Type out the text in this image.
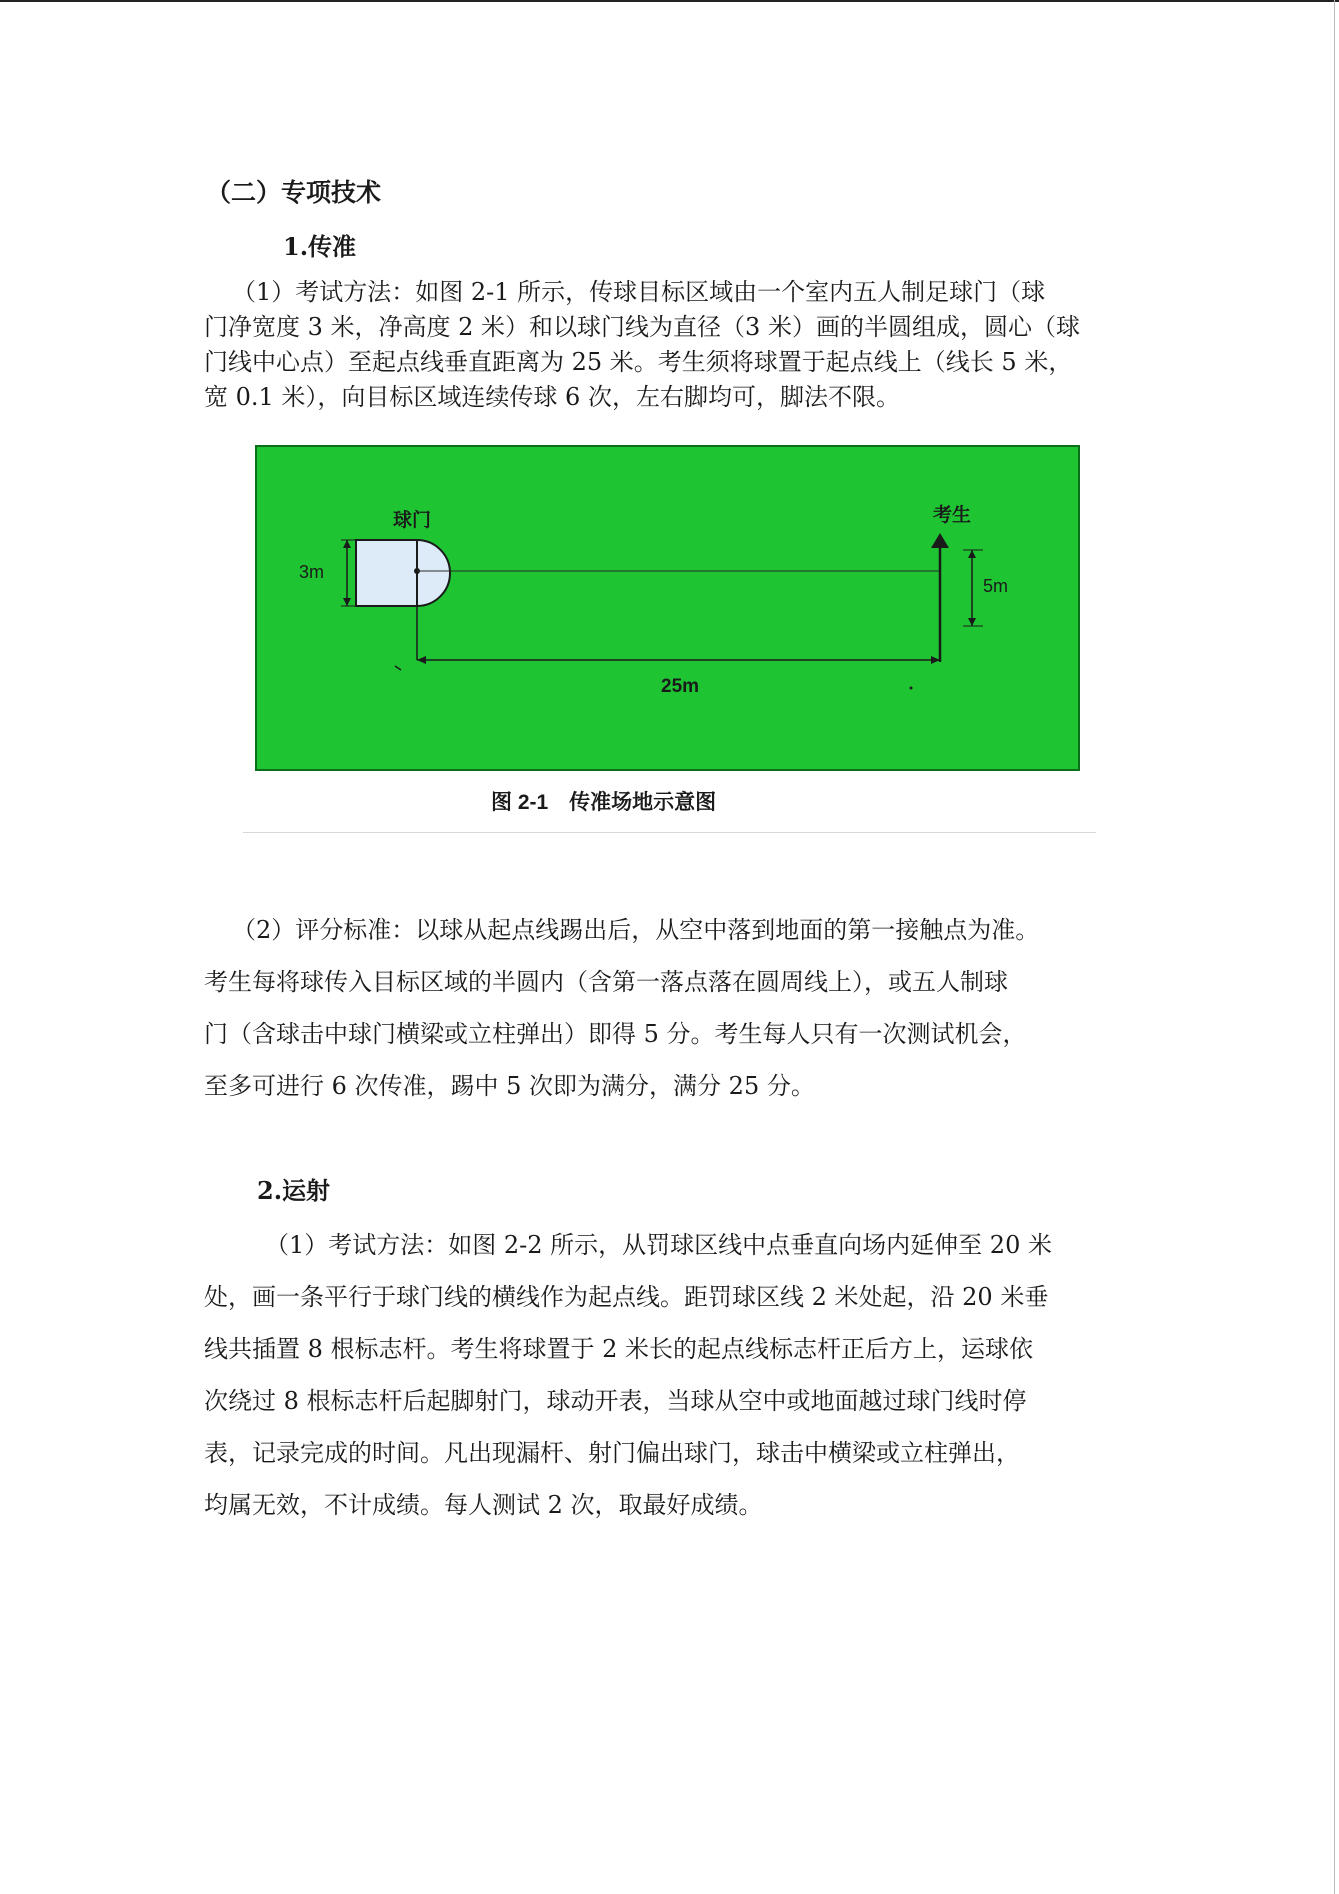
（二）专项技术
1.传准
（1）考试方法：如图 2-1 所示，传球目标区域由一个室内五人制足球门（球
门净宽度 3 米，净高度 2 米）和以球门线为直径（3 米）画的半圆组成，圆心（球
门线中心点）至起点线垂直距离为 25 米。考生须将球置于起点线上（线长 5 米，
宽 0.1 米），向目标区域连续传球 6 次，左右脚均可，脚法不限。
球门	考生
3m
5m
25m
图 2-1　传准场地示意图
（2）评分标准：以球从起点线踢出后，从空中落到地面的第一接触点为准。
考生每将球传入目标区域的半圆内（含第一落点落在圆周线上），或五人制球
门（含球击中球门横梁或立柱弹出）即得 5 分。考生每人只有一次测试机会，
至多可进行 6 次传准，踢中 5 次即为满分，满分 25 分。
2.运射
（1）考试方法：如图 2-2 所示，从罚球区线中点垂直向场内延伸至 20 米
处，画一条平行于球门线的横线作为起点线。距罚球区线 2 米处起，沿 20 米垂
线共插置 8 根标志杆。考生将球置于 2 米长的起点线标志杆正后方上，运球依
次绕过 8 根标志杆后起脚射门，球动开表，当球从空中或地面越过球门线时停
表，记录完成的时间。凡出现漏杆、射门偏出球门，球击中横梁或立柱弹出，
均属无效，不计成绩。每人测试 2 次，取最好成绩。
